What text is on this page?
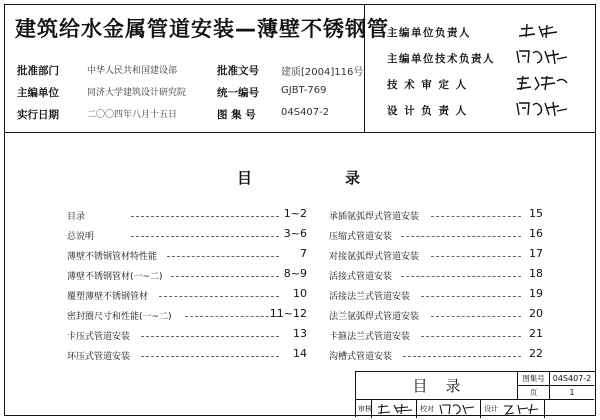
建筑给水金属管道安装—薄壁不锈钢管
批准部门	中华人民共和国建设部	批准文号 建质[2004]116号
主编单位	同济大学建筑设计研究院	统一编号 GJBT-769
实行日期	二〇〇四年八月十五日	图 集 号	04S407-2
主编单位负责人
主编单位技术负责人
技 术 审 定 人
设 计 负 责 人
目	录
目录	1~2
总说明	3~6
薄壁不锈钢管材特性能	7
薄壁不锈钢管材(一~二)	8~9
覆塑薄壁不锈钢管材	10
密封圈尺寸和性能(一~二)	11~12
卡压式管道安装	13
环压式管道安装	14
承插氩弧焊式管道安装	15
压缩式管道安装	16
对接氩弧焊式管道安装	17
活接式管道安装	18
活接法兰式管道安装	19
法兰氩弧焊式管道安装	20
卡箍法兰式管道安装	21
沟槽式管道安装	22
目录	图集号 04S407-2
页	1
审核	校对	设计
